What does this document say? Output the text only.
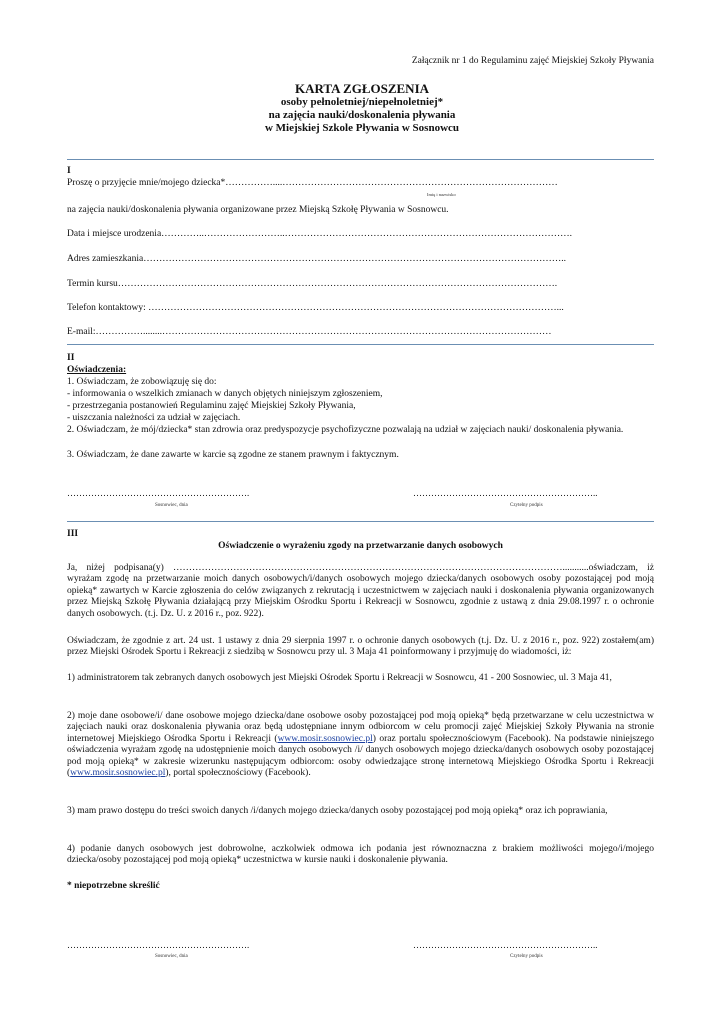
Załącznik nr 1 do Regulaminu zajęć Miejskiej Szkoły Pływania
KARTA ZGŁOSZENIA
osoby pełnoletniej/niepełnoletniej*
na zajęcia nauki/doskonalenia pływania
w Miejskiej Szkole Pływania w Sosnowcu
I
Proszę o przyjęcie mnie/mojego dziecka*……………....……………………………………………………………………………
Imię i nazwisko
na zajęcia nauki/doskonalenia pływania organizowane przez Miejską Szkołę Pływania w Sosnowcu.
Data i miejsce urodzenia…………..……………………..……………………………………………………………………………….
Adres zamieszkania……………………………………………………………………………………………………………………..
Termin kursu………………………………………………………………………………………………………………………….
Telefon kontaktowy: …………………………………………………………………………………………………………………...
E-mail:……………........……………………………………………………………………………………………………………
II
Oświadczenia:
1. Oświadczam, że zobowiązuję się do:
- informowania o wszelkich zmianach w danych objętych niniejszym zgłoszeniem,
- przestrzegania postanowień Regulaminu zajęć Miejskiej Szkoły Pływania,
- uiszczania należności za udział w zajęciach.
2. Oświadczam, że mój/dziecka* stan zdrowia oraz predyspozycje psychofizyczne pozwalają na udział w zajęciach nauki/ doskonalenia pływania.
3. Oświadczam, że dane zawarte w karcie są zgodne ze stanem prawnym i faktycznym.
…………………………………………………….	……………………………………………………..
Sosnowiec, dnia	Czytelny podpis
III
Oświadczenie o wyrażeniu zgody na przetwarzanie danych osobowych
Ja, niżej podpisana(y) ……………………………………………………………………………………………………………...........oświadczam, iż wyrażam zgodę na przetwarzanie moich danych osobowych/i/danych osobowych mojego dziecka/danych osobowych osoby pozostającej pod moją opieką* zawartych w Karcie zgłoszenia do celów związanych z rekrutacją i uczestnictwem w zajęciach nauki i doskonalenia pływania organizowanych przez Miejską Szkołę Pływania działającą przy Miejskim Ośrodku Sportu i Rekreacji w Sosnowcu, zgodnie z ustawą z dnia 29.08.1997 r. o ochronie danych osobowych. (t.j. Dz. U. z 2016 r., poz. 922).
Oświadczam, że zgodnie z art. 24 ust. 1 ustawy z dnia 29 sierpnia 1997 r. o ochronie danych osobowych (t.j. Dz. U. z 2016 r., poz. 922) zostałem(am) przez Miejski Ośrodek Sportu i Rekreacji z siedzibą w Sosnowcu przy ul. 3 Maja 41 poinformowany i przyjmuję do wiadomości, iż:
1) administratorem tak zebranych danych osobowych jest Miejski Ośrodek Sportu i Rekreacji w Sosnowcu, 41 - 200 Sosnowiec, ul. 3 Maja 41,
2) moje dane osobowe/i/ dane osobowe mojego dziecka/dane osobowe osoby pozostającej pod moją opieką* będą przetwarzane w celu uczestnictwa w zajęciach nauki oraz doskonalenia pływania oraz będą udostępniane innym odbiorcom w celu promocji zajęć Miejskiej Szkoły Pływania na stronie internetowej Miejskiego Ośrodka Sportu i Rekreacji (www.mosir.sosnowiec.pl) oraz portalu społecznościowym (Facebook). Na podstawie niniejszego oświadczenia wyrażam zgodę na udostępnienie moich danych osobowych /i/ danych osobowych mojego dziecka/danych osobowych osoby pozostającej pod moją opieką* w zakresie wizerunku następującym odbiorcom: osoby odwiedzające stronę internetową Miejskiego Ośrodka Sportu i Rekreacji (www.mosir.sosnowiec.pl), portal społecznościowy (Facebook).
3) mam prawo dostępu do treści swoich danych /i/danych mojego dziecka/danych osoby pozostającej pod moją opieką* oraz ich poprawiania,
4) podanie danych osobowych jest dobrowolne, aczkolwiek odmowa ich podania jest równoznaczna z brakiem możliwości mojego/i/mojego dziecka/osoby pozostającej pod moją opieką* uczestnictwa w kursie nauki i doskonalenie pływania.
* niepotrzebne skreślić
…………………………………………………….	……………………………………………………..
Sosnowiec, dnia	Czytelny podpis
